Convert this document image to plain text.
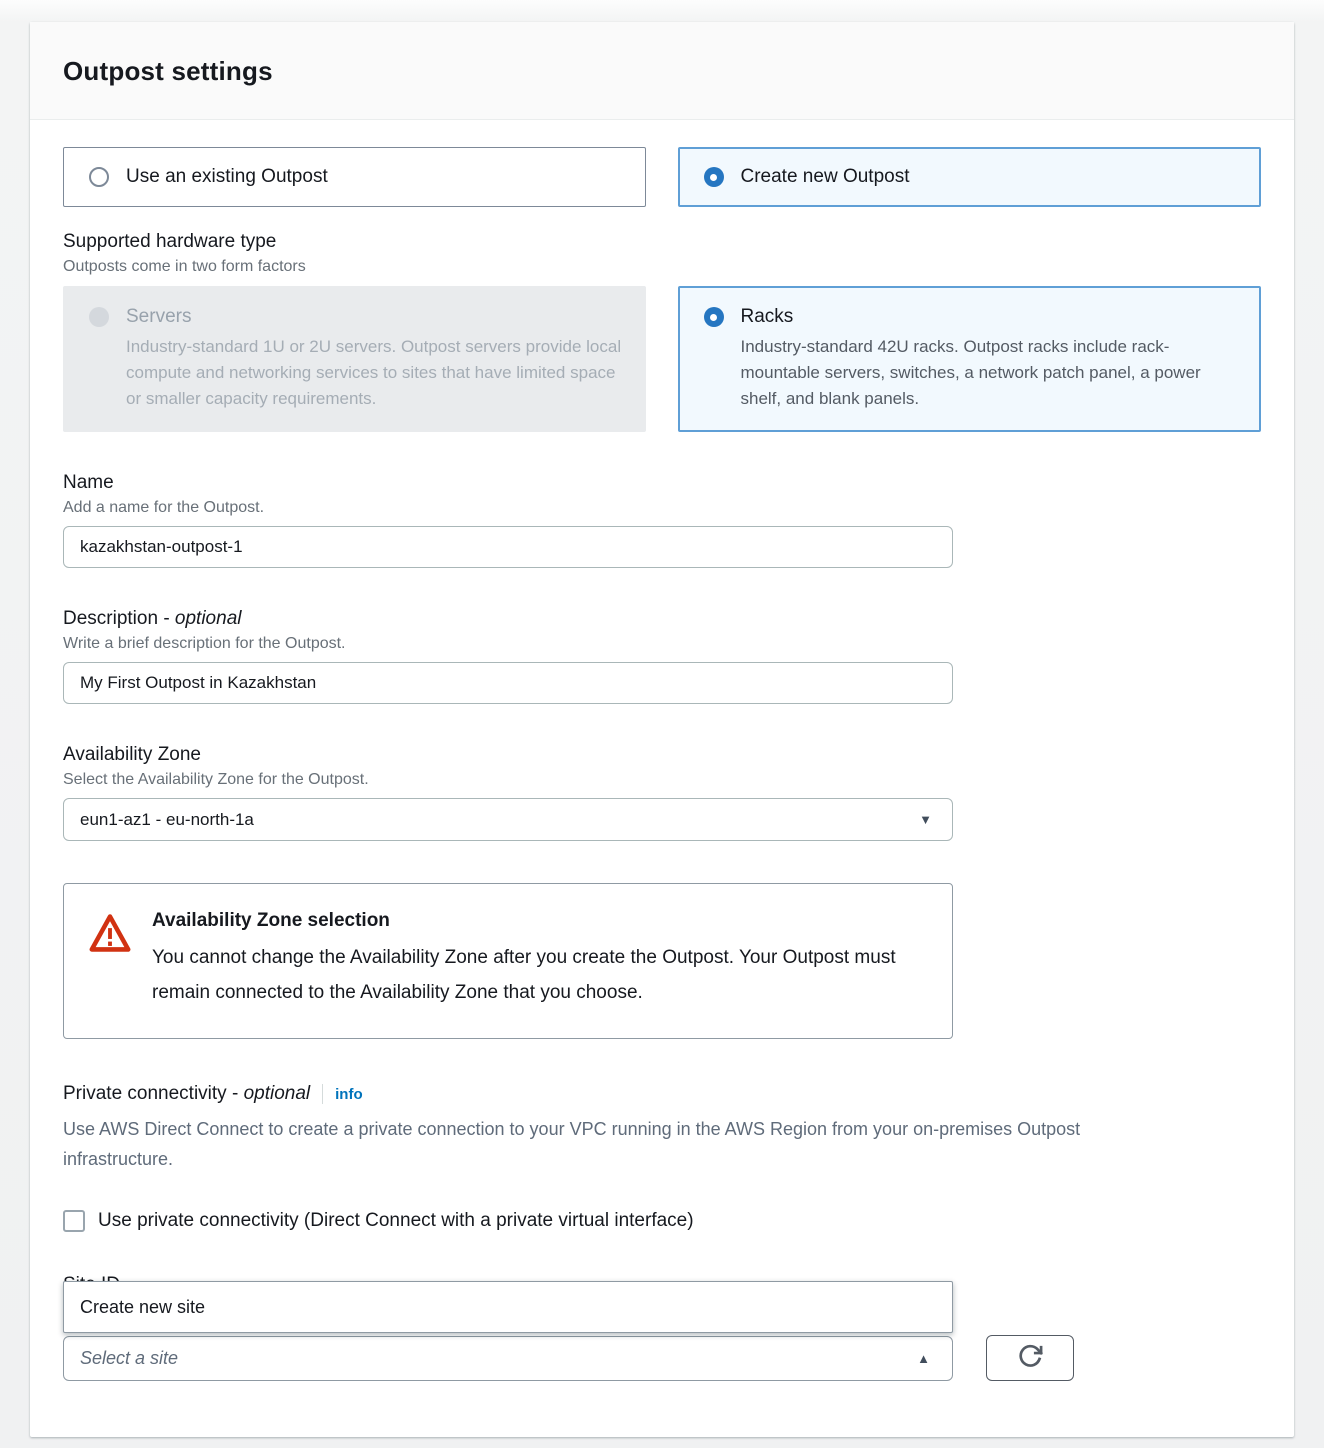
Outpost settings
Use an existing Outpost	Create new Outpost
Supported hardware type
Outposts come in two form factors
Servers
Industry-standard 1U or 2U servers. Outpost servers provide local compute and networking services to sites that have limited space or smaller capacity requirements.
Racks
Industry-standard 42U racks. Outpost racks include rack-mountable servers, switches, a network patch panel, a power shelf, and blank panels.
Name
Add a name for the Outpost.
kazakhstan-outpost-1
Description - optional
Write a brief description for the Outpost.
My First Outpost in Kazakhstan
Availability Zone
Select the Availability Zone for the Outpost.
eun1-az1 - eu-north-1a	▼
Availability Zone selection
You cannot change the Availability Zone after you create the Outpost. Your Outpost must remain connected to the Availability Zone that you choose.
Private connectivity - optional info
Use AWS Direct Connect to create a private connection to your VPC running in the AWS Region from your on-premises Outpost infrastructure.
Use private connectivity (Direct Connect with a private virtual interface)
Select a site	▲
Create new site
